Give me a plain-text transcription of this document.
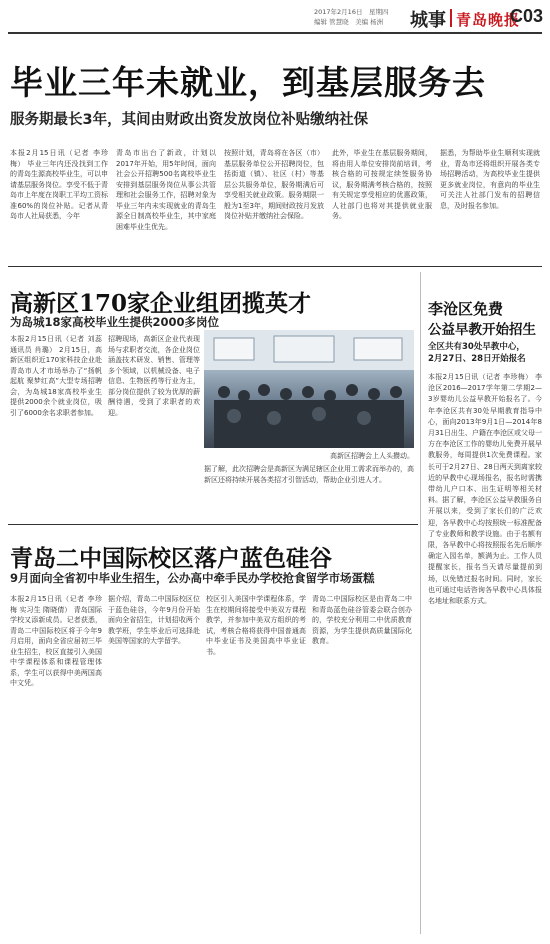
2017年2月16日　星期四
编辑 管慧晓　美编 杨洲	城事 青岛晚报
C03
毕业三年未就业，到基层服务去
服务期最长3年，其间由财政出资发放岗位补贴缴纳社保
本报2月15日讯（记者 李珍梅） 毕业三年内还没找到工作的青岛生源高校毕业生，可以申请基层服务岗位。享受不低于青岛市上年度在岗职工平均工资标准60%的岗位补贴。记者从青岛市人社局获悉，今年
青岛市出台了新政，计划以2017年开始，用5年时间，面向社会公开招聘500名离校毕业生安排到基层服务岗位从事公共管理和社会服务工作，招聘对象为毕业三年内未实现就业的青岛生源全日制高校毕业生，其中家庭困难毕业生优先。
按照计划，青岛将在各区（市）基层服务单位公开招聘岗位，包括街道（镇）、社区（村）等基层公共服务单位，服务期满后可享受相关就业政策。服务期限一般为1至3年，期间财政按月发放岗位补贴并缴纳社会保险。
此外，毕业生在基层服务期间，将由用人单位安排岗前培训，考核合格的可按规定续签服务协议，服务期满考核合格的，按照有关规定享受相应的优惠政策，人社部门也将对其提供就业服务。
据悉，为帮助毕业生顺利实现就业，青岛市还将组织开展各类专场招聘活动，为高校毕业生提供更多就业岗位，有意向的毕业生可关注人社部门发布的招聘信息，及时报名参加。
高新区170家企业组团揽英才
为岛城18家高校毕业生提供2000多岗位
本报2月15日讯（记者 刘蕊 通讯员 肖璐） 2月15日，高新区组织近170家科技企业赴青岛市人才市场举办了“扬帆起航 聚梦红高”大型专场招聘会，为岛城18家高校毕业生提供2000余个就业岗位，吸引了6000余名求职者参加。
招聘现场，高新区企业代表现场与求职者交流，各企业岗位涵盖技术研发、销售、管理等多个领域，以机械设备、电子信息、生物医药等行业为主，部分岗位提供了较为优厚的薪酬待遇，受到了求职者的欢迎。
高新区招聘会上人头攒动。
据了解，此次招聘会是高新区为满足辖区企业用工需求而举办的，高新区还将持续开展各类招才引智活动，帮助企业引进人才。
李沧区免费
公益早教开始招生
全区共有30处早教中心，
2月27日、28日开始报名
本报2月15日讯（记者 李珍梅） 李沧区2016—2017学年第二学期2—3岁婴幼儿公益早教开始报名了。今年李沧区共有30处早期教育指导中心，面向2013年9月1日—2014年8月31日出生、户籍在李沧区或父母一方在李沧区工作的婴幼儿免费开展早教服务，每周提供1次免费课程。家长可于2月27日、28日两天到离家较近的早教中心现场报名，报名时需携带幼儿户口本、出生证明等相关材料。据了解，李沧区公益早教服务自开展以来，受到了家长们的广泛欢迎，各早教中心均按照统一标准配备了专业教师和教学设施。由于名额有限，各早教中心将按照报名先后顺序确定入园名单，额满为止。工作人员提醒家长，报名当天请尽量提前到场，以免错过报名时间。同时，家长也可通过电话咨询各早教中心具体报名地址和联系方式。
青岛二中国际校区落户蓝色硅谷
9月面向全省初中毕业生招生，公办高中牵手民办学校抢食留学市场蛋糕
本报2月15日讯（记者 李珍梅 实习生 隋晓倩） 青岛国际学校又添新成员。记者获悉，青岛二中国际校区将于今年9月启用，面向全省应届初三毕业生招生，校区直接引入美国中学课程体系和课程管理体系，学生可以获得中美两国高中文凭。
据介绍，青岛二中国际校区位于蓝色硅谷，今年9月份开始面向全省招生，计划招收两个教学班，学生毕业后可选择赴美国等国家的大学留学。
校区引入美国中学课程体系，学生在校期间将接受中美双方课程教学，并参加中美双方组织的考试，考核合格将获得中国普通高中毕业证书及美国高中毕业证书。
青岛二中国际校区是由青岛二中和青岛蓝色硅谷管委会联合创办的，学校充分利用二中优质教育资源，为学生提供高质量国际化教育。
